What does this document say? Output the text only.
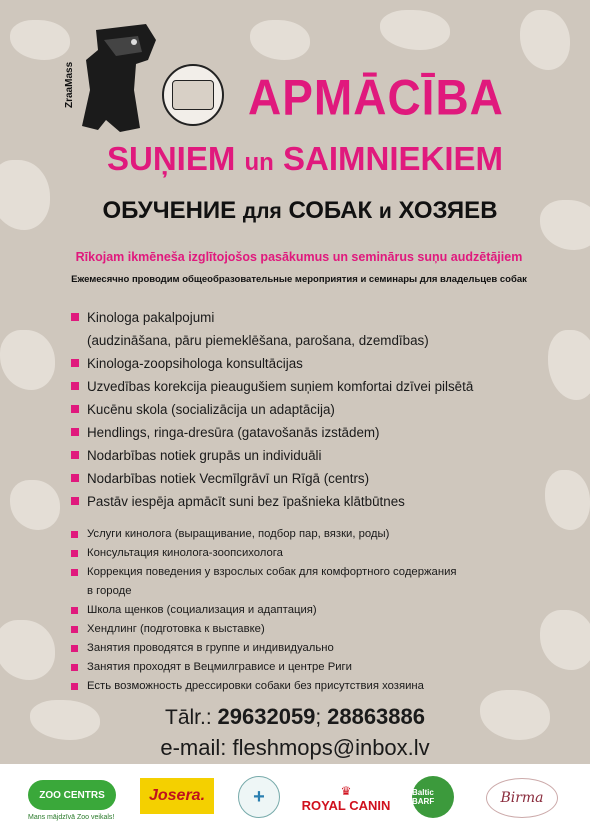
ZraaMass	APMĀCĪBA
SUŅIEM un SAIMNIEKIEM
ОБУЧЕНИЕ для СОБАК и ХОЗЯЕВ
Rīkojam ikmēneša izglītojošos pasākumus un seminārus suņu audzētājiem
Ежемесячно проводим общеобразовательные мероприятия и семинары для владельцев собак
Kinologa pakalpojumi
(audzināšana, pāru piemeklēšana, parošana, dzemdības)
Kinologa-zoopsihologa konsultācijas
Uzvedības korekcija pieaugušiem suņiem komfortai dzīvei pilsētā
Kucēnu skola (socializācija un adaptācija)
Hendlings, ringa-dresūra (gatavošanās izstādem)
Nodarbības notiek grupās un individuāli
Nodarbības notiek Vecmīlgrāvī un Rīgā (centrs)
Pastāv iespēja apmācīt suni bez īpašnieka klātbūtnes
Услуги кинолога (выращивание, подбор пар, вязки, роды)
Консультация кинолога-зоопсихолога
Коррекция поведения у взрослых собак для комфортного содержания
в городе
Школа щенков (социализация и адаптация)
Хендлинг (подготовка к выставке)
Занятия проводятся в группе и индивидуально
Занятия проходят в Вецмилгрависе и центре Риги
Есть возможность дрессировки собаки без присутствия хозяина
Tālr.: 29632059; 28863886
e-mail: fleshmops@inbox.lv
ZOO CENTRS
Mans mājdzīvā Zoo veikals!
Josera.	+	♛
ROYAL CANIN
Baltic BARF	Birma
